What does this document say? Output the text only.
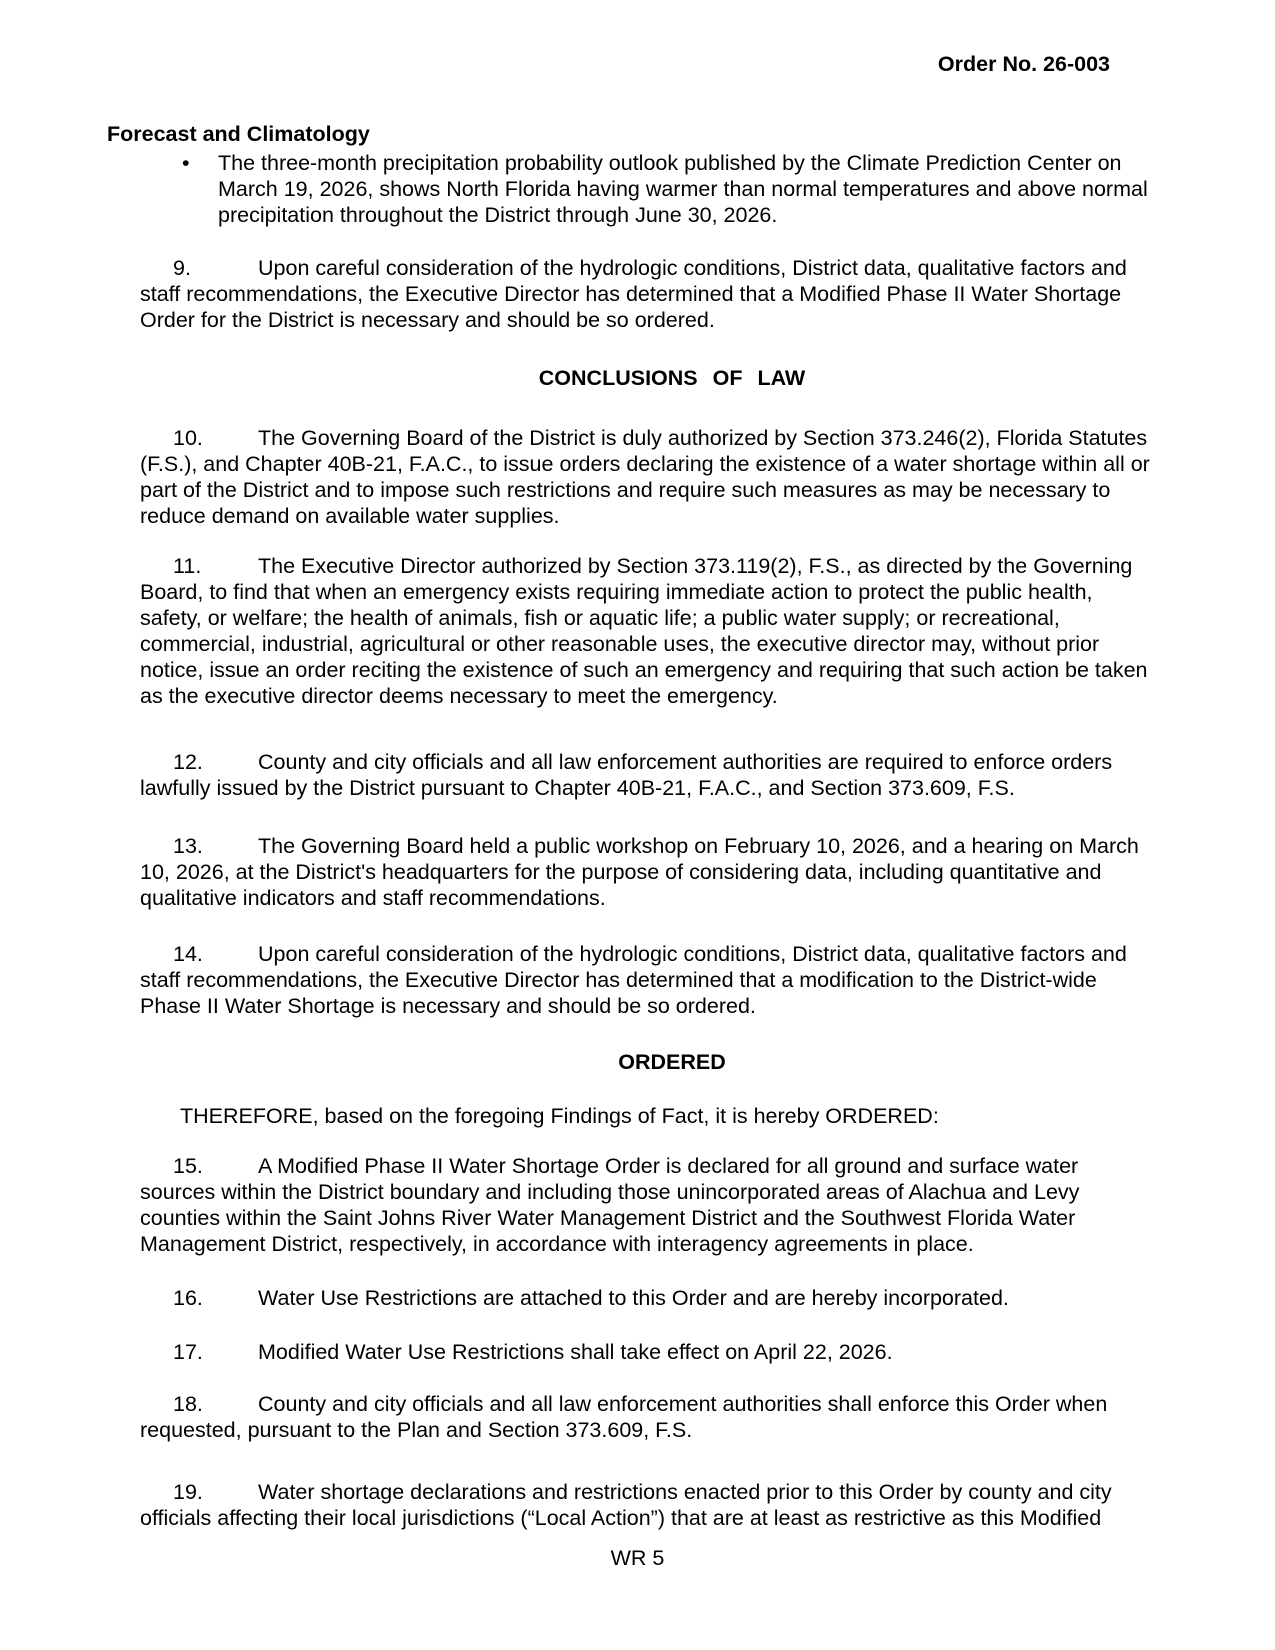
Order No. 26-003
Forecast and Climatology
• The three-month precipitation probability outlook published by the Climate Prediction Center on March 19, 2026, shows North Florida having warmer than normal temperatures and above normal precipitation throughout the District through June 30, 2026.

9.	Upon careful consideration of the hydrologic conditions, District data, qualitative factors and staff recommendations, the Executive Director has determined that a Modified Phase II Water Shortage Order for the District is necessary and should be so ordered.

CONCLUSIONS OF LAW

10.	The Governing Board of the District is duly authorized by Section 373.246(2), Florida Statutes (F.S.), and Chapter 40B-21, F.A.C., to issue orders declaring the existence of a water shortage within all or part of the District and to impose such restrictions and require such measures as may be necessary to reduce demand on available water supplies.

11.	The Executive Director authorized by Section 373.119(2), F.S., as directed by the Governing Board, to find that when an emergency exists requiring immediate action to protect the public health, safety, or welfare; the health of animals, fish or aquatic life; a public water supply; or recreational, commercial, industrial, agricultural or other reasonable uses, the executive director may, without prior notice, issue an order reciting the existence of such an emergency and requiring that such action be taken as the executive director deems necessary to meet the emergency.

12.	County and city officials and all law enforcement authorities are required to enforce orders lawfully issued by the District pursuant to Chapter 40B-21, F.A.C., and Section 373.609, F.S.

13.	The Governing Board held a public workshop on February 10, 2026, and a hearing on March 10, 2026, at the District's headquarters for the purpose of considering data, including quantitative and qualitative indicators and staff recommendations.

14.	Upon careful consideration of the hydrologic conditions, District data, qualitative factors and staff recommendations, the Executive Director has determined that a modification to the District-wide Phase II Water Shortage is necessary and should be so ordered.

ORDERED

THEREFORE, based on the foregoing Findings of Fact, it is hereby ORDERED:

15.	A Modified Phase II Water Shortage Order is declared for all ground and surface water sources within the District boundary and including those unincorporated areas of Alachua and Levy counties within the Saint Johns River Water Management District and the Southwest Florida Water Management District, respectively, in accordance with interagency agreements in place.

16.	Water Use Restrictions are attached to this Order and are hereby incorporated.

17.	Modified Water Use Restrictions shall take effect on April 22, 2026.

18.	County and city officials and all law enforcement authorities shall enforce this Order when requested, pursuant to the Plan and Section 373.609, F.S.

19.	Water shortage declarations and restrictions enacted prior to this Order by county and city officials affecting their local jurisdictions (“Local Action”) that are at least as restrictive as this Modified

WR 5
